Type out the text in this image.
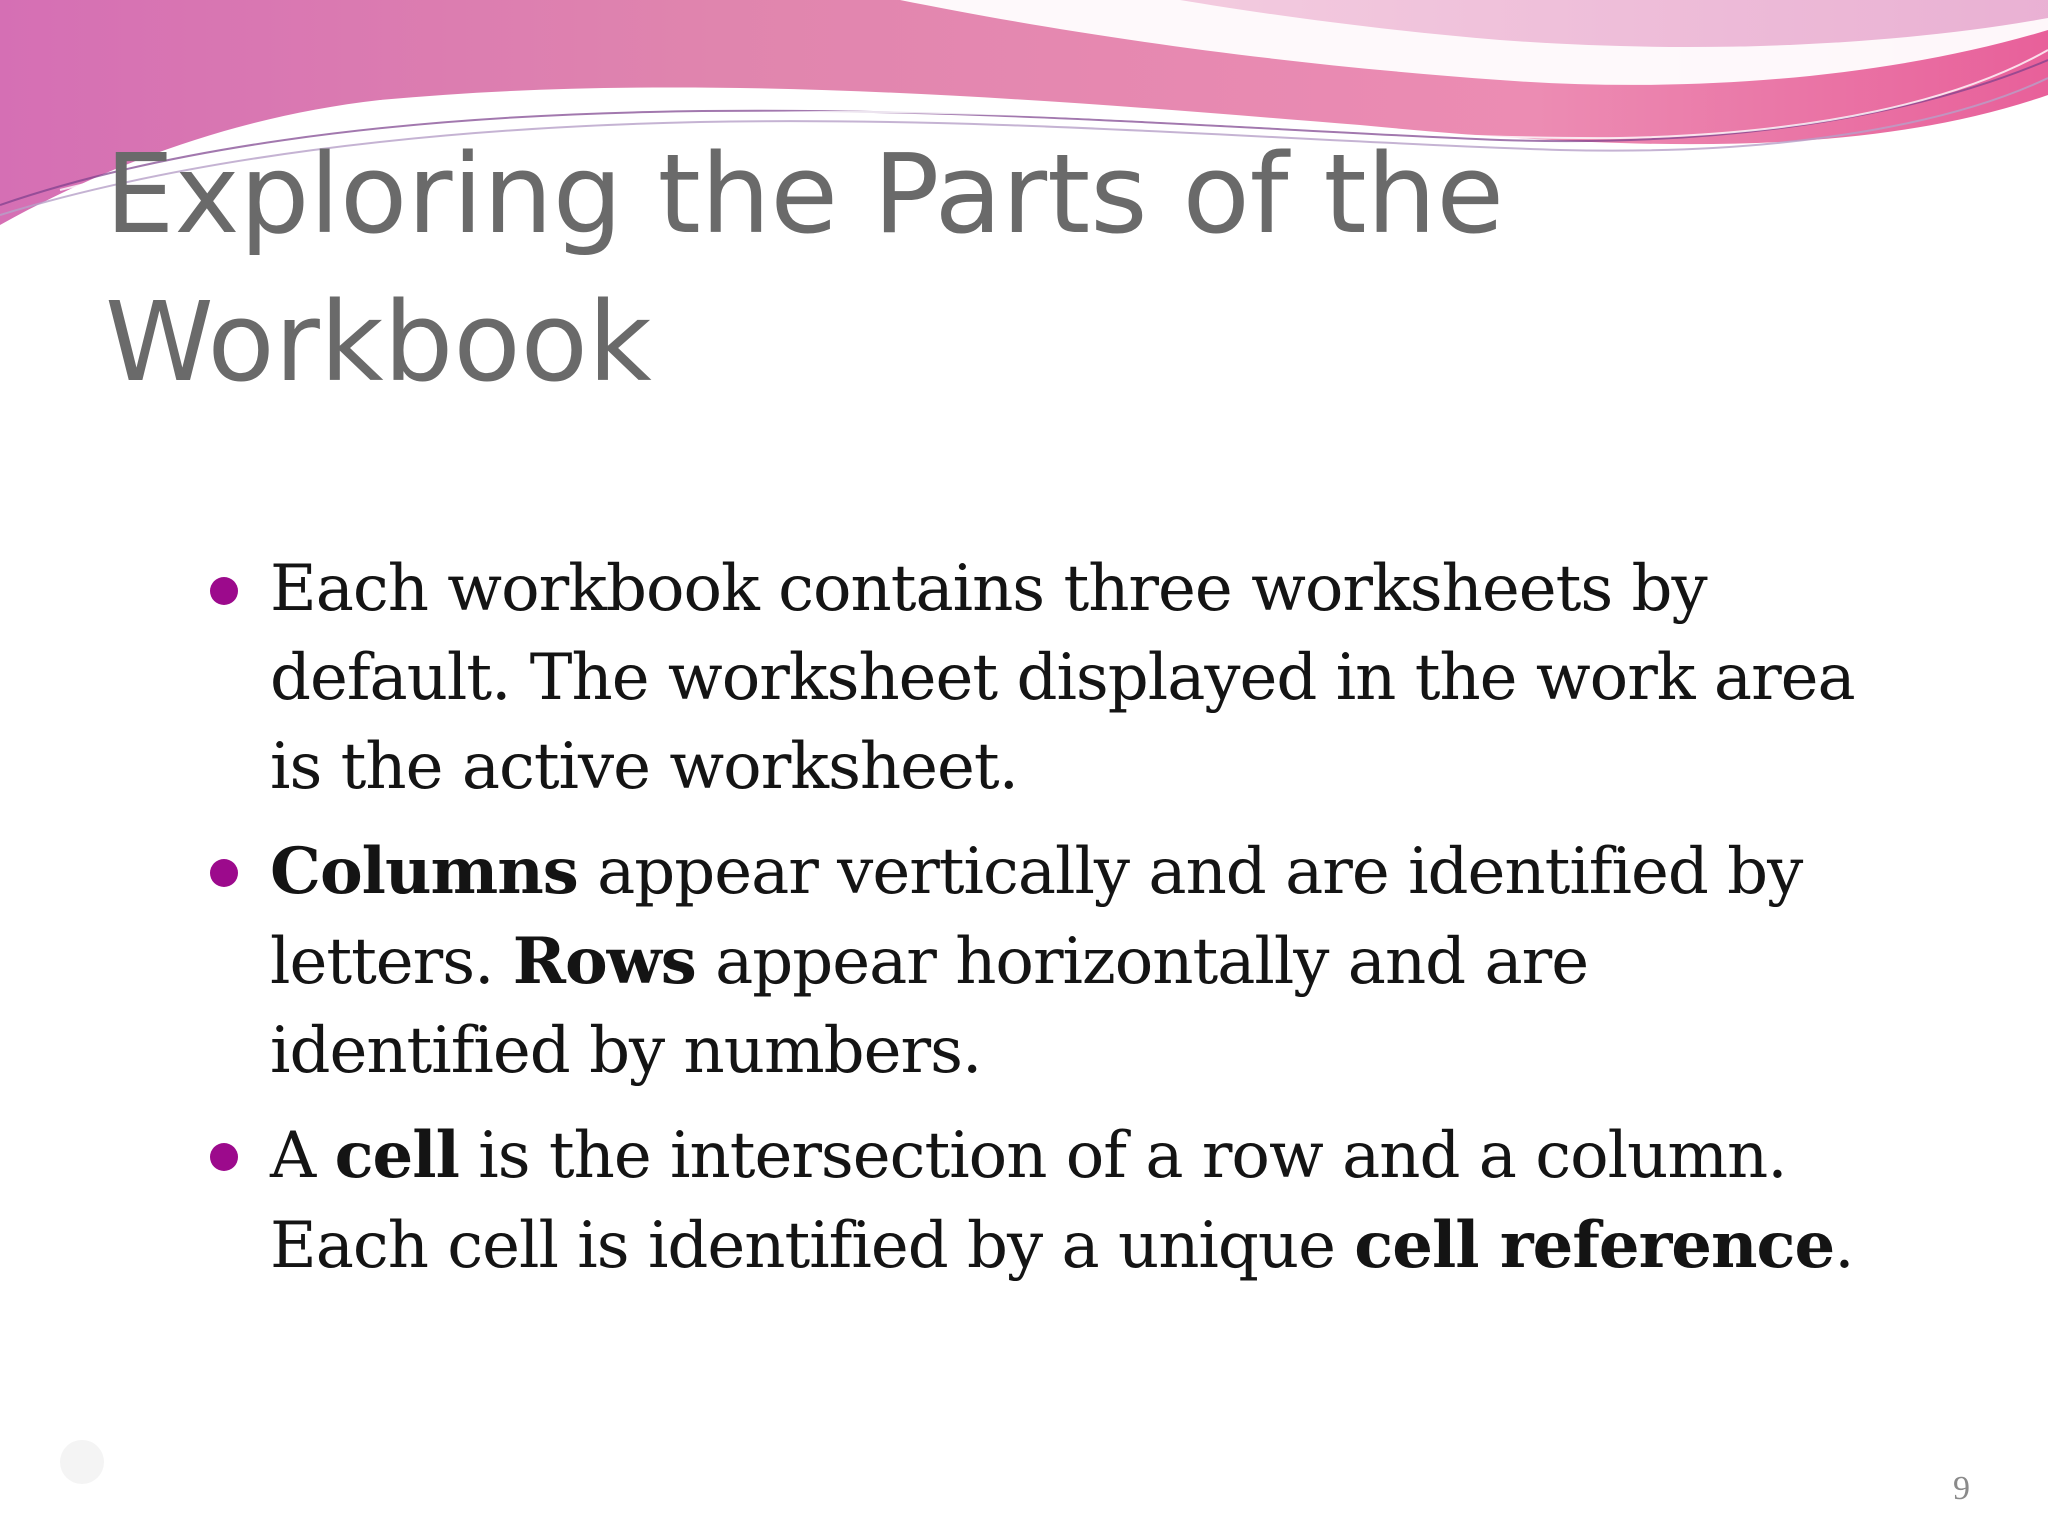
Exploring the Parts of the
Workbook
Each workbook contains three worksheets by default. The worksheet displayed in the work area is the active worksheet.
Columns appear vertically and are identified by letters. Rows appear horizontally and are identified by numbers.
A cell is the intersection of a row and a column. Each cell is identified by a unique cell reference.
9
